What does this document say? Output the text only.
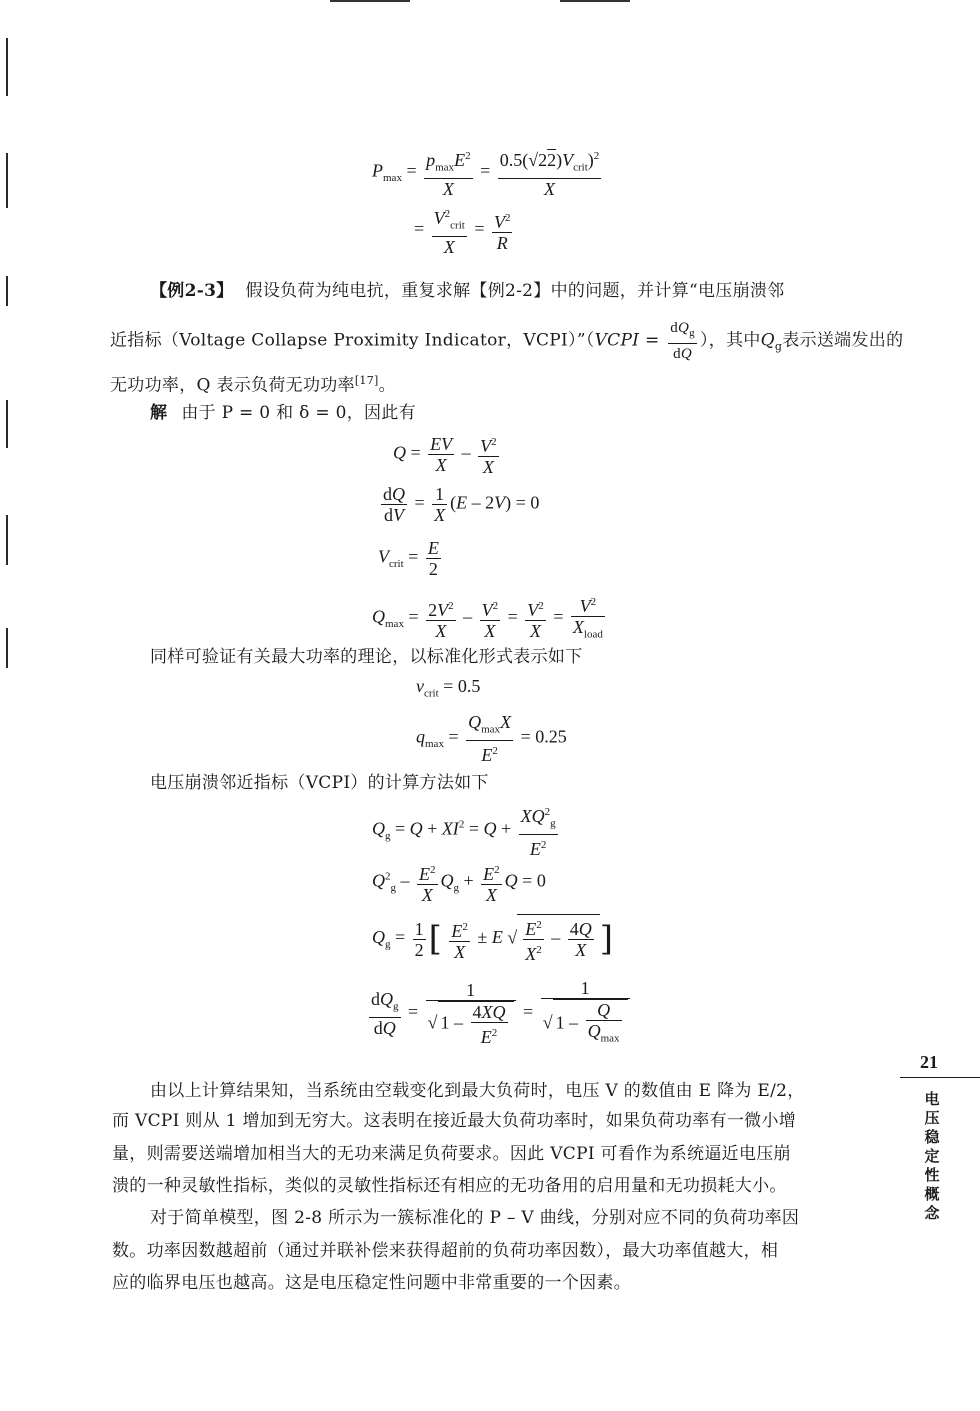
$P_{max} = \frac{p_{max}E^2}{X} = \frac{0.5(√22)V_{crit})^2}{X}$
= $\frac{V^2_{crit}}{X} = \frac{V^2}{R}$
【例2-3】 假设负荷为纯电抗，重复求解【例2-2】中的问题，并计算“电压崩溃邻
近指标（Voltage Collapse Proximity Indicator，VCPI）”（VCPI = $\frac{dQ_g}{dQ}$ ），其中$Q_g$表示送端发出的
无功功率，Q 表示负荷无功功率[17]。
解 由于 P = 0 和 δ = 0，因此有
$Q = \frac{EV}{X} - \frac{V^2}{X}$
$\frac{dQ}{dV} = \frac{1}{X} (E - 2V) = 0$
$V_{crit} = \frac{E}{2}$
$Q_{max} = \frac{2V^2}{X} - \frac{V^2}{X} = \frac{V^2}{X} = \frac{V^2}{X_{load}}$
同样可验证有关最大功率的理论，以标准化形式表示如下
$v_{crit} = 0.5$
$q_{max} = \frac{Q_{max}X}{E^2} = 0.25$
电压崩溃邻近指标（VCPI）的计算方法如下
$Q_g = Q + XI^2 = Q + \frac{XQ^2_g}{E^2}$
$Q^2_g - \frac{E^2}{X} Q_g + \frac{E^2}{X}$ Q = 0
$Q_g = \frac{1}{2}$ [ $\frac{E^2}{X} \pm E$ √ $\frac{E^2}{X^2} - \frac{4Q}{X}$ ]
$\frac{dQ_g}{dQ} = \frac{1}{√ 1 - \frac{4XQ}{E^2}} = \frac{1}{√ 1 - \frac{Q}{Q_{max}}}$
21
电
压
稳
定
性
概
念
由以上计算结果知，当系统由空载变化到最大负荷时，电压 V 的数值由 E 降为 E/2，
而 VCPI 则从 1 增加到无穷大。这表明在接近最大负荷功率时，如果负荷功率有一微小增
量，则需要送端增加相当大的无功来满足负荷要求。因此 VCPI 可看作为系统逼近电压崩
溃的一种灵敏性指标，类似的灵敏性指标还有相应的无功备用的启用量和无功损耗大小。
对于简单模型，图 2-8 所示为一簇标准化的 P – V 曲线，分别对应不同的负荷功率因
数。功率因数越超前（通过并联补偿来获得超前的负荷功率因数），最大功率值越大，相
应的临界电压也越高。这是电压稳定性问题中非常重要的一个因素。
